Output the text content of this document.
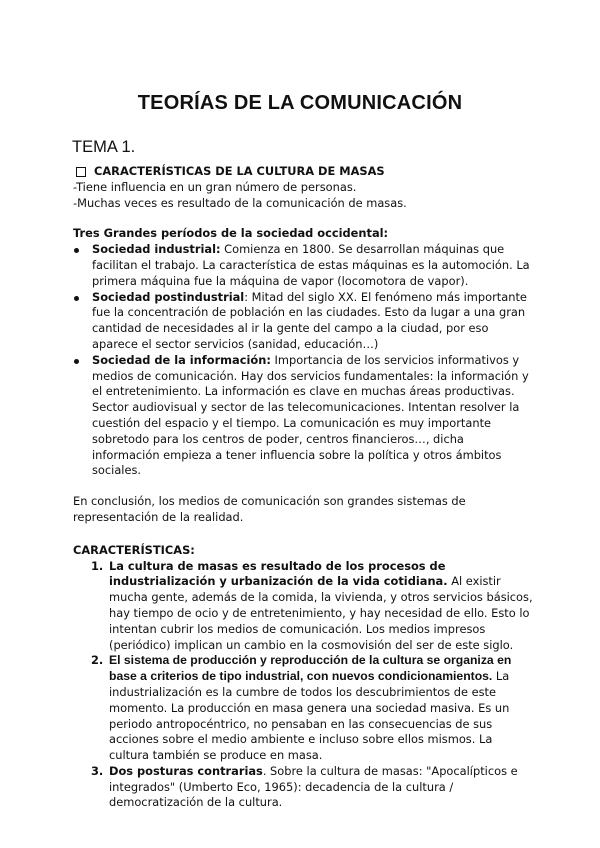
TEORÍAS DE LA COMUNICACIÓN
TEMA 1.

CARACTERÍSTICAS DE LA CULTURA DE MASAS

-Tiene influencia en un gran número de personas.

-Muchas veces es resultado de la comunicación de masas.

Tres Grandes períodos de la sociedad occidental:

Sociedad industrial: Comienza en 1800. Se desarrollan máquinas que facilitan el trabajo. La característica de estas máquinas es la automoción. La primera máquina fue la máquina de vapor (locomotora de vapor).
Sociedad postindustrial: Mitad del siglo XX. El fenómeno más importante fue la concentración de población en las ciudades. Esto da lugar a una gran cantidad de necesidades al ir la gente del campo a la ciudad, por eso aparece el sector servicios (sanidad, educación…)
Sociedad de la información: Importancia de los servicios informativos y medios de comunicación. Hay dos servicios fundamentales: la información y el entretenimiento. La información es clave en muchas áreas productivas. Sector audiovisual y sector de las telecomunicaciones. Intentan resolver la cuestión del espacio y el tiempo. La comunicación es muy importante sobretodo para los centros de poder, centros financieros…, dicha información empieza a tener influencia sobre la política y otros ámbitos sociales.

En conclusión, los medios de comunicación son grandes sistemas de representación de la realidad.

CARACTERÍSTICAS:

1. La cultura de masas es resultado de los procesos de industrialización y urbanización de la vida cotidiana. Al existir mucha gente, además de la comida, la vivienda, y otros servicios básicos, hay tiempo de ocio y de entretenimiento, y hay necesidad de ello. Esto lo intentan cubrir los medios de comunicación. Los medios impresos (periódico) implican un cambio en la cosmovisión del ser de este siglo.
2. El sistema de producción y reproducción de la cultura se organiza en base a criterios de tipo industrial, con nuevos condicionamientos. La industrialización es la cumbre de todos los descubrimientos de este momento. La producción en masa genera una sociedad masiva. Es un periodo antropocéntrico, no pensaban en las consecuencias de sus acciones sobre el medio ambiente e incluso sobre ellos mismos. La cultura también se produce en masa.
3. Dos posturas contrarias. Sobre la cultura de masas: "Apocalípticos e integrados" (Umberto Eco, 1965): decadencia de la cultura / democratización de la cultura.
